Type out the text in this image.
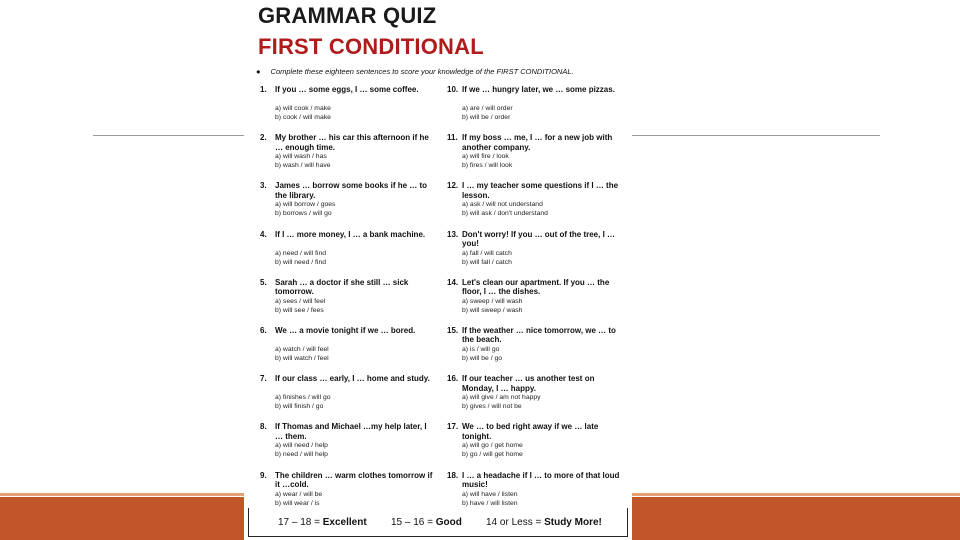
GRAMMAR QUIZ
FIRST CONDITIONAL
● Complete these eighteen sentences to score your knowledge of the FIRST CONDITIONAL.
1. If you … some eggs, I … some coffee.
a) will cook / make
b) cook / will make
2. My brother … his car this afternoon if he … enough time.
a) will wash / has
b) wash / will have
3. James … borrow some books if he … to the library.
a) will borrow / goes
b) borrows / will go
4. If I … more money, I … a bank machine.
a) need / will find
b) will need / find
5. Sarah … a doctor if she still … sick tomorrow.
a) sees / will feel
b) will see / fees
6. We … a movie tonight if we … bored.
a) watch / will feel
b) will watch / feel
7. If our class … early, I … home and study.
a) finishes / will go
b) will finish / go
8. If Thomas and Michael …my help later, I … them.
a) will need / help
b) need / will help
9. The children … warm clothes tomorrow if it …cold.
a) wear / will be
b) will wear / is
10. If we … hungry later, we … some pizzas.
a) are / will order
b) will be / order
11. If my boss … me, I … for a new job with another company.
a) will fire / look
b) fires / will look
12. I … my teacher some questions if I … the lesson.
a) ask / will not understand
b) will ask / don't understand
13. Don't worry! If you … out of the tree, I … you!
a) fall / will catch
b) will fall / catch
14. Let's clean our apartment. If you … the floor, I … the dishes.
a) sweep / will wash
b) will sweep / wash
15. If the weather … nice tomorrow, we … to the beach.
a) is / will go
b) will be / go
16. If our teacher … us another test on Monday, I … happy.
a) will give / am not happy
b) gives / will not be
17. We … to bed right away if we … late tonight.
a) will go / get home
b) go / will get home
18. I … a headache if I … to more of that loud music!
a) will have / listen
b) have / will listen
17 – 18 = Excellent 15 – 16 = Good 14 or Less = Study More!
